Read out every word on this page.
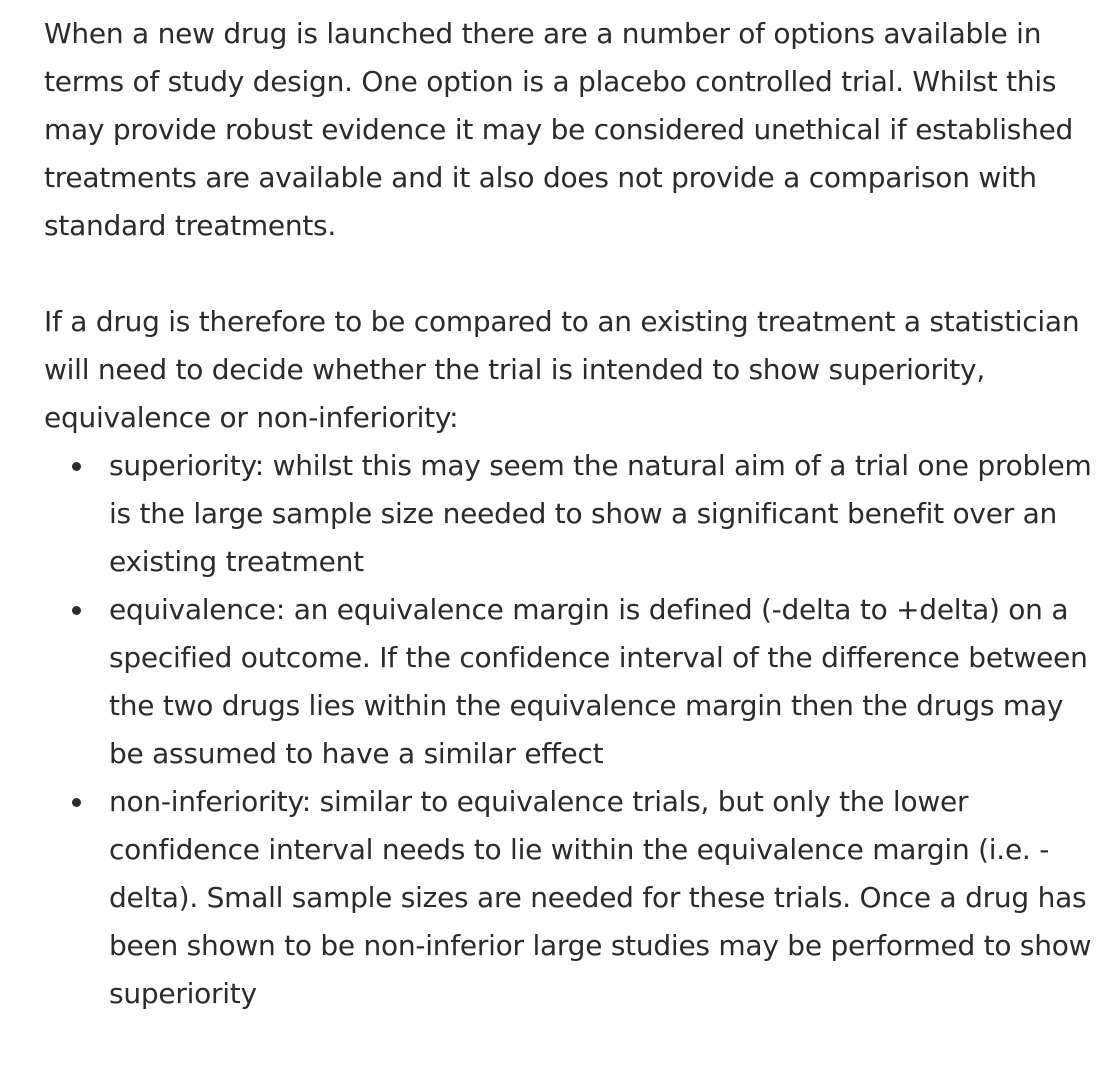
When a new drug is launched there are a number of options available in terms of study design. One option is a placebo controlled trial. Whilst this may provide robust evidence it may be considered unethical if established treatments are available and it also does not provide a comparison with standard treatments.

If a drug is therefore to be compared to an existing treatment a statistician will need to decide whether the trial is intended to show superiority, equivalence or non-inferiority:

superiority: whilst this may seem the natural aim of a trial one problem is the large sample size needed to show a significant benefit over an existing treatment
equivalence: an equivalence margin is defined (-delta to +delta) on a specified outcome. If the confidence interval of the difference between the two drugs lies within the equivalence margin then the drugs may be assumed to have a similar effect
non-inferiority: similar to equivalence trials, but only the lower confidence interval needs to lie within the equivalence margin (i.e. -delta). Small sample sizes are needed for these trials. Once a drug has been shown to be non-inferior large studies may be performed to show superiority
